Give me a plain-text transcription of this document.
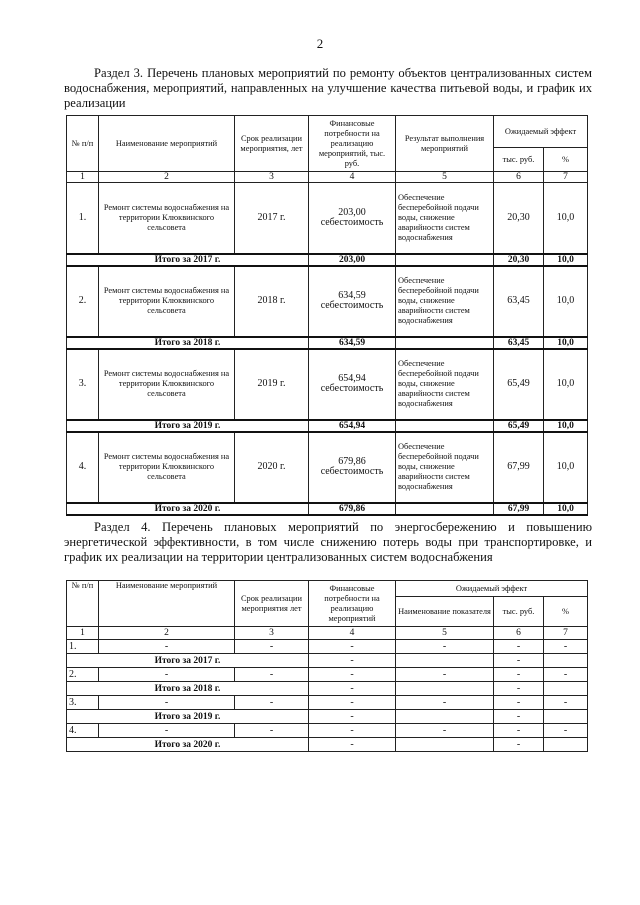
2
Раздел 3. Перечень плановых мероприятий по ремонту объектов централизованных систем водоснабжения, мероприятий, направленных на улучшение качества питьевой воды, и график их реализации
№ п/п	Наименование мероприятий	Срок реализации мероприятия, лет	Финансовые потребности на реализацию мероприятий, тыс. руб.	Результат выполнения мероприятий	Ожидаемый эффект	
					тыс. руб.	%
1	2	3	4	5	6	7
1.	Ремонт системы водоснабжения на территории Клюквинского сельсовета	2017 г.	203,00 себестоимость	Обеспечение бесперебойной подачи воды, снижение аварийности систем водоснабжения	20,30	10,0
Итого за 2017 г.			203,00		20,30	10,0
2.	Ремонт системы водоснабжения на территории Клюквинского сельсовета	2018 г.	634,59 себестоимость	Обеспечение бесперебойной подачи воды, снижение аварийности систем водоснабжения	63,45	10,0
Итого за 2018 г.			634,59		63,45	10,0
3.	Ремонт системы водоснабжения на территории Клюквинского сельсовета	2019 г.	654,94 себестоимость	Обеспечение бесперебойной подачи воды, снижение аварийности систем водоснабжения	65,49	10,0
Итого за 2019 г.			654,94		65,49	10,0
4.	Ремонт системы водоснабжения на территории Клюквинского сельсовета	2020 г.	679,86 себестоимость	Обеспечение бесперебойной подачи воды, снижение аварийности систем водоснабжения	67,99	10,0
Итого за 2020 г.			679,86		67,99	10,0
Раздел 4. Перечень плановых мероприятий по энергосбережению и повышению энергетической эффективности, в том числе снижению потерь воды при транспортировке, и график их реализации на территории централизованных систем водоснабжения
№ п/п	Наименование мероприятий	Срок реализации мероприятия лет	Финансовые потребности на реализацию мероприятий	Ожидаемый эффект		
				Наименование показателя	тыс. руб.	%
1	2	3	4	5	6	7
1.	-	-	-	-	-	-
Итого за 2017 г.			-		-	
2.	-	-	-	-	-	-
Итого за 2018 г.			-		-	
3.	-	-	-	-	-	-
Итого за 2019 г.			-		-	
4.	-	-	-	-	-	-
Итого за 2020 г.			-		-	
